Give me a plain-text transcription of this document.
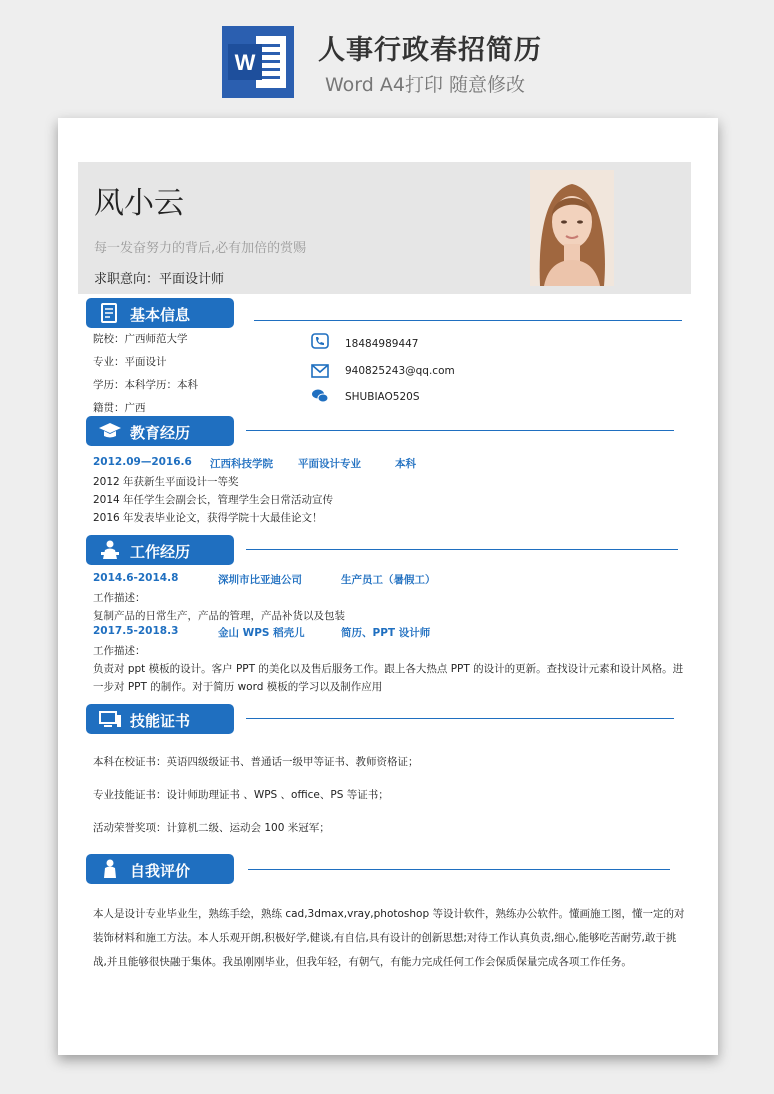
W 人事行政春招简历
Word A4打印 随意修改
风小云
每一发奋努力的背后,必有加倍的赏赐
求职意向：平面设计师
基本信息
院校：广西师范大学
专业：平面设计
学历：本科学历：本科
籍贯：广西
18484989447
940825243@qq.com
SHUBIAO520S
教育经历
2012.09—2016.6 江西科技学院 平面设计专业	本科
2012 年获新生平面设计一等奖
2014 年任学生会副会长，管理学生会日常活动宣传
2016 年发表毕业论文，获得学院十大最佳论文！
工作经历
2014.6-2014.8	深圳市比亚迪公司	生产员工（暑假工）
工作描述：
复制产品的日常生产，产品的管理，产品补货以及包装
2017.5-2018.3	金山 WPS 稻壳儿	简历、PPT 设计师
工作描述：
负责对 ppt 模板的设计。客户 PPT 的美化以及售后服务工作。跟上各大热点 PPT 的设计的更新。查找设计元素和设计风格。进
一步对 PPT 的制作。对于简历 word 模板的学习以及制作应用
技能证书
本科在校证书：英语四级级证书、普通话一级甲等证书、教师资格证；
专业技能证书：设计师助理证书 、WPS 、office、PS 等证书；
活动荣誉奖项：计算机二级、运动会 100 米冠军；
自我评价
本人是设计专业毕业生，熟练手绘，熟练 cad,3dmax,vray,photoshop 等设计软件，熟练办公软件。懂画施工图，懂一定的对
装饰材料和施工方法。本人乐观开朗,积极好学,健谈,有自信,具有设计的创新思想;对待工作认真负责,细心,能够吃苦耐劳,敢于挑
战,并且能够很快融于集体。我虽刚刚毕业，但我年轻，有朝气，有能力完成任何工作会保质保量完成各项工作任务。
